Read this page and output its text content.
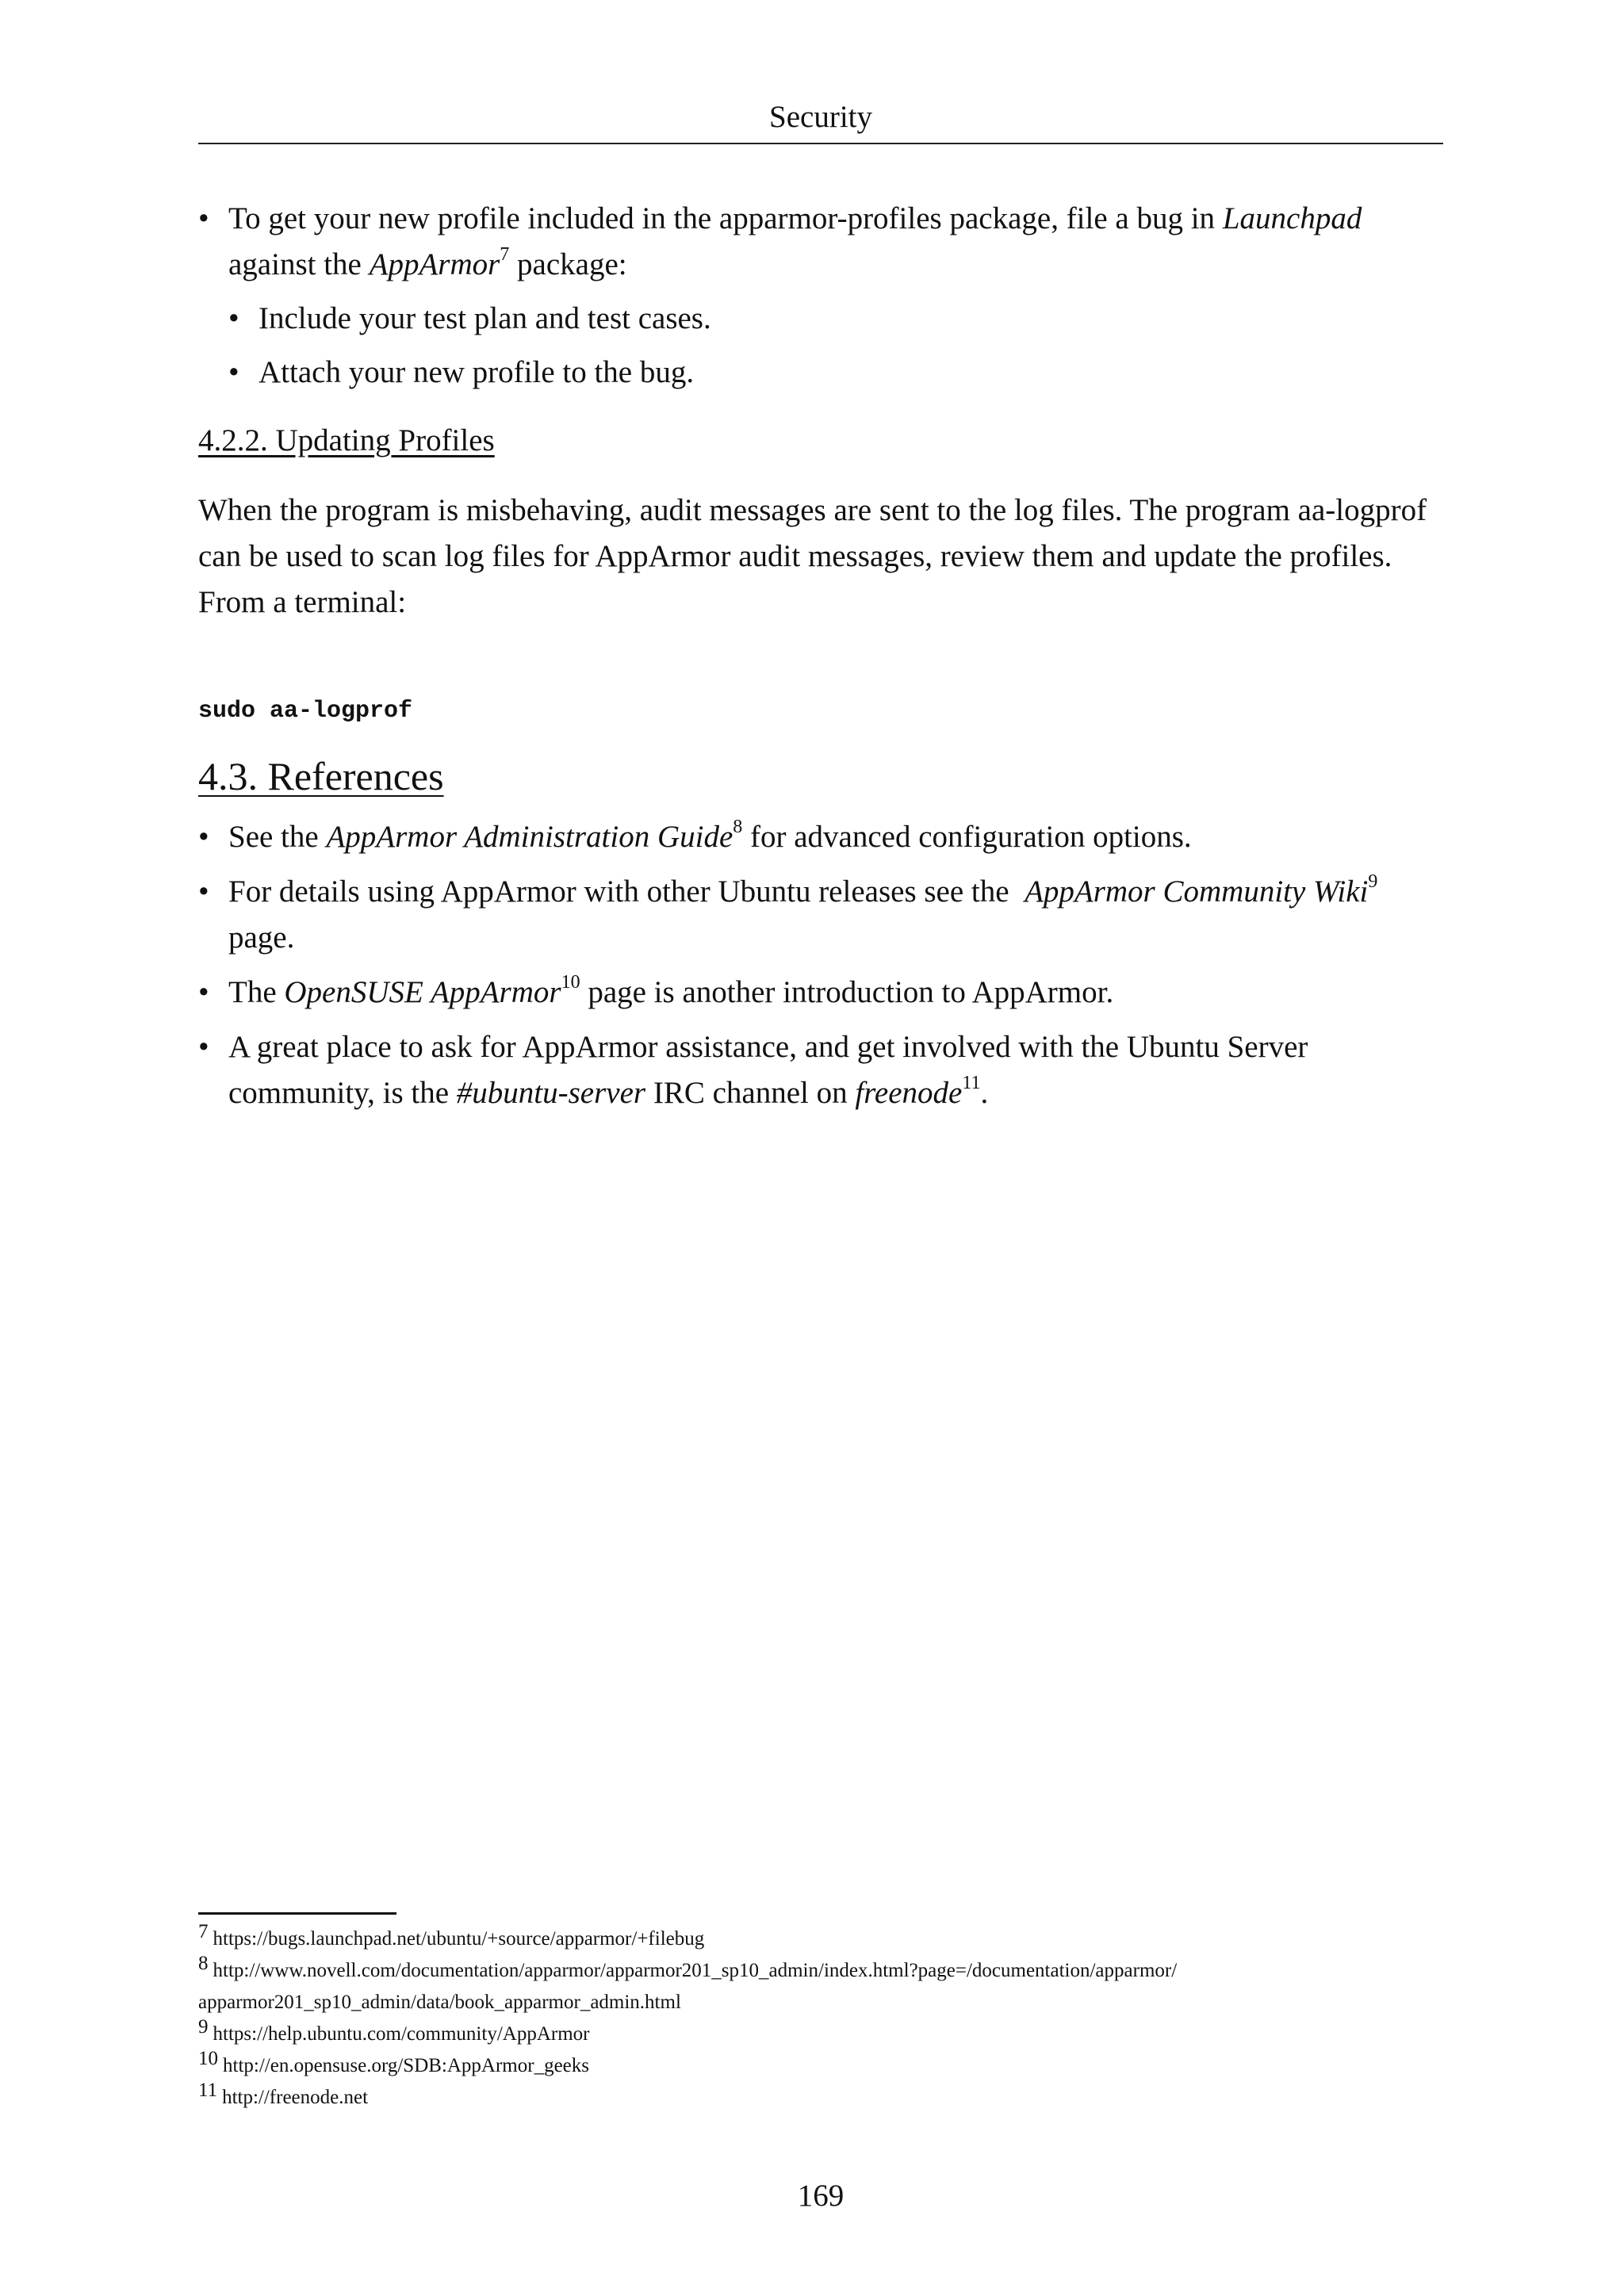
Security
• To get your new profile included in the apparmor-profiles package, file a bug in Launchpad against the AppArmor$^7$ package:
• Include your test plan and test cases.
• Attach your new profile to the bug.
4.2.2. Updating Profiles

When the program is misbehaving, audit messages are sent to the log files. The program aa-logprof can be used to scan log files for AppArmor audit messages, review them and update the profiles. From a terminal:

sudo aa-logprof
4.3. References
• See the AppArmor Administration Guide$^8$ for advanced configuration options.
• For details using AppArmor with other Ubuntu releases see the  AppArmor Community Wiki$^9$ page.
• The OpenSUSE AppArmor$^{10}$ page is another introduction to AppArmor.
• A great place to ask for AppArmor assistance, and get involved with the Ubuntu Server community, is the #ubuntu-server IRC channel on freenode$^{11}$.
7 https://bugs.launchpad.net/ubuntu/+source/apparmor/+filebug
8 http://www.novell.com/documentation/apparmor/apparmor201_sp10_admin/index.html?page=/documentation/apparmor/
apparmor201_sp10_admin/data/book_apparmor_admin.html
9 https://help.ubuntu.com/community/AppArmor
10 http://en.opensuse.org/SDB:AppArmor_geeks
11 http://freenode.net
169
